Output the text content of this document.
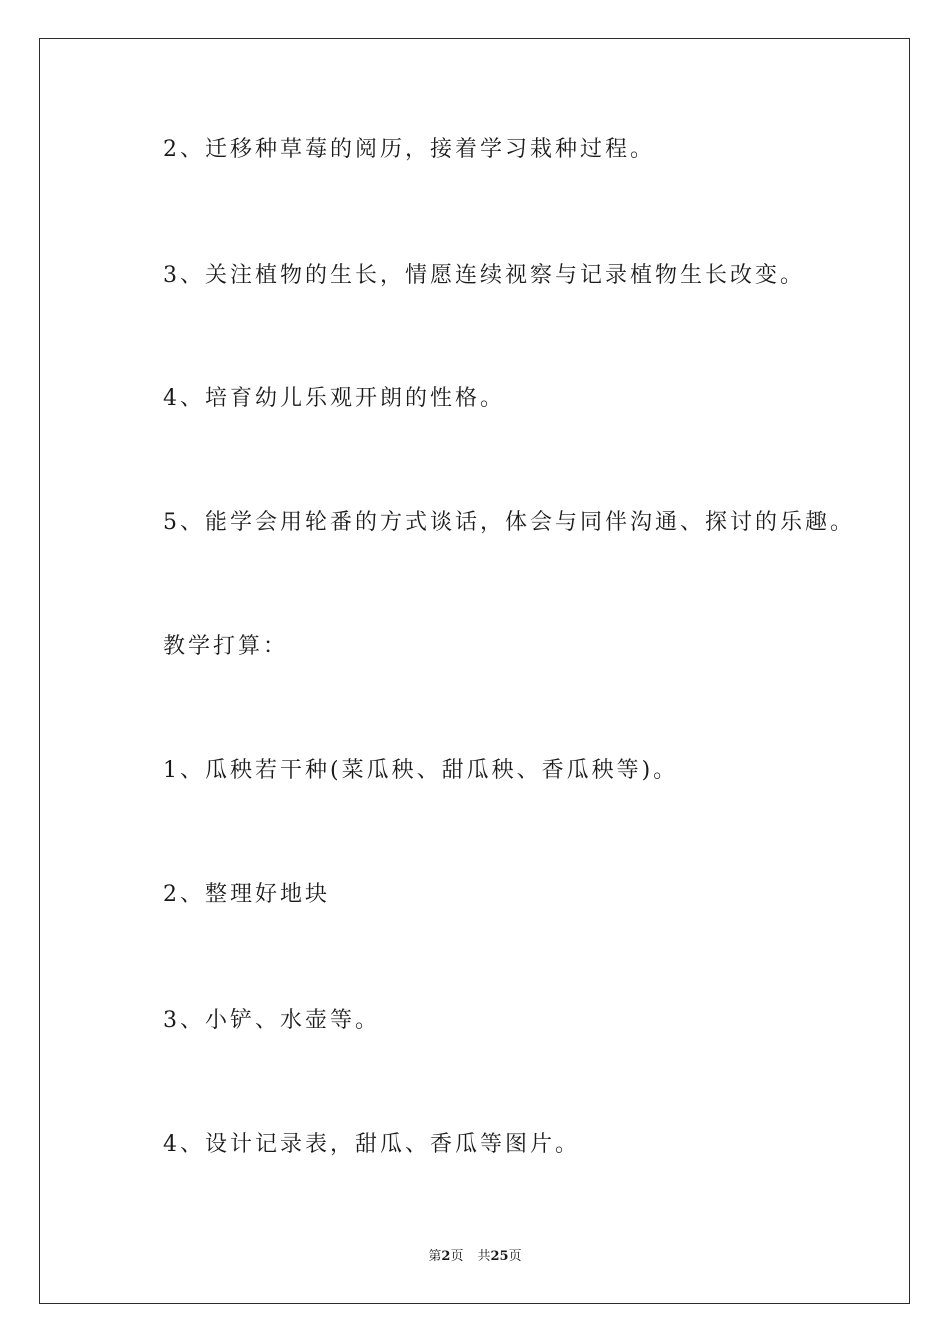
2、迁移种草莓的阅历，接着学习栽种过程。

3、关注植物的生长，情愿连续视察与记录植物生长改变。

4、培育幼儿乐观开朗的性格。

5、能学会用轮番的方式谈话，体会与同伴沟通、探讨的乐趣。

教学打算：

1、瓜秧若干种(菜瓜秧、甜瓜秧、香瓜秧等)。

2、整理好地块

3、小铲、水壶等。

4、设计记录表，甜瓜、香瓜等图片。

第2页 共25页
